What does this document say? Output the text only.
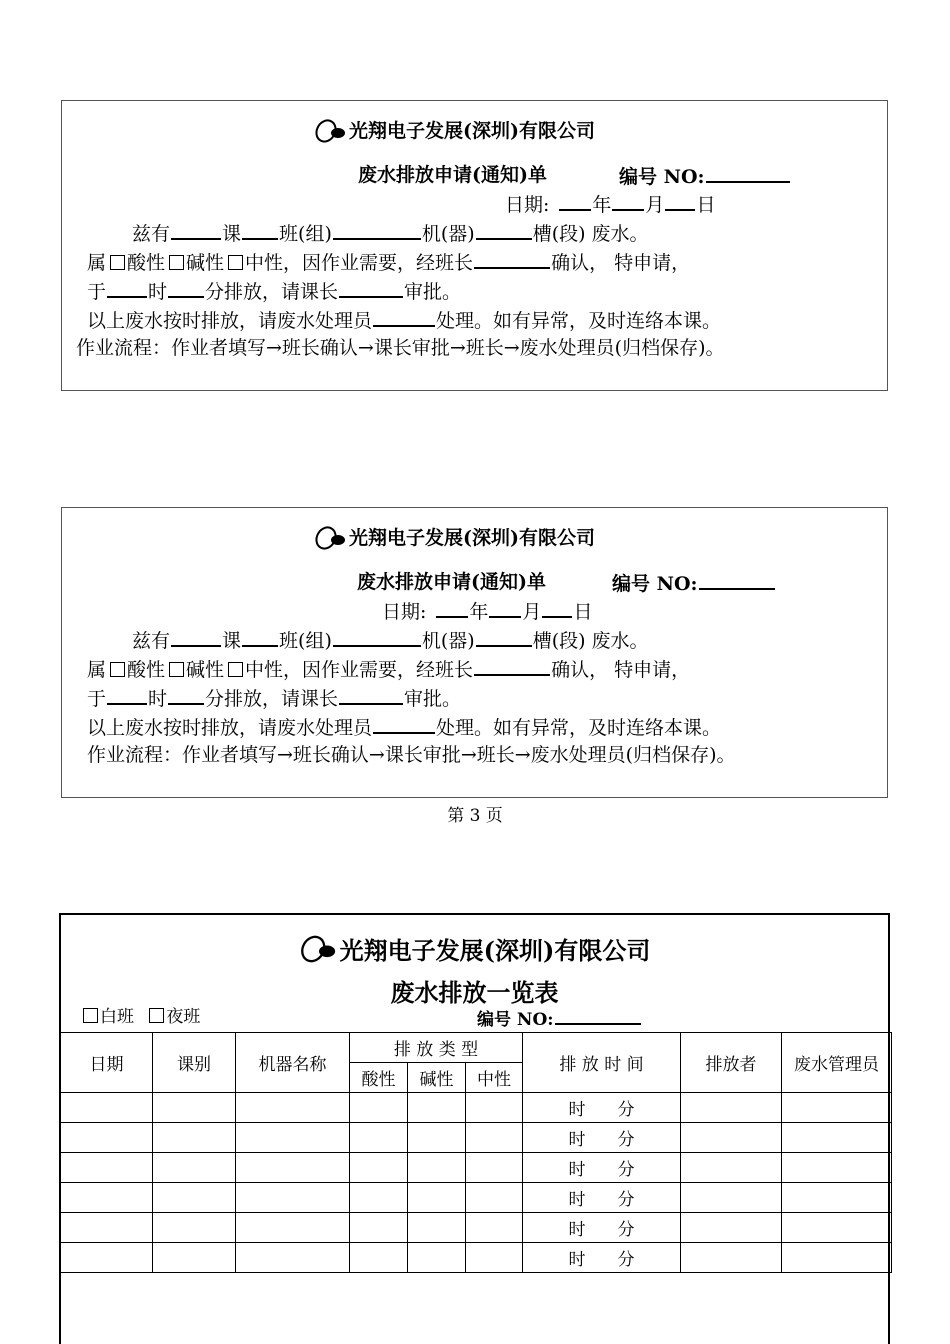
光翔电子发展(深圳)有限公司
废水排放申请(通知)单	编号 NO:
日期: 年 月 日
兹有	课 班(组)	机(器)	槽(段) 废水。
属 酸性 碱性 中性，因作业需要，经班长	确认， 特申请，
于 时 分排放，请课长	审批。
以上废水按时排放，请废水处理员	处理。如有异常，及时连络本课。
作业流程：作业者填写→班长确认→课长审批→班长→废水处理员(归档保存)。
光翔电子发展(深圳)有限公司
废水排放申请(通知)单	编号 NO:
日期: 年 月 日
兹有	课 班(组)	机(器)	槽(段) 废水。
属 酸性 碱性 中性，因作业需要，经班长	确认， 特申请，
于 时 分排放，请课长	审批。
以上废水按时排放，请废水处理员	处理。如有异常，及时连络本课。
作业流程：作业者填写→班长确认→课长审批→班长→废水处理员(归档保存)。
第 3 页
光翔电子发展(深圳)有限公司
废水排放一览表
白班 夜班	编号 NO:
日期	课别	机器名称	排 放 类 型			排 放 时 间	排放者	废水管理员
			酸性	碱性	中性			
						时 分		
						时 分		
						时 分		
						时 分		
						时 分		
						时 分		
